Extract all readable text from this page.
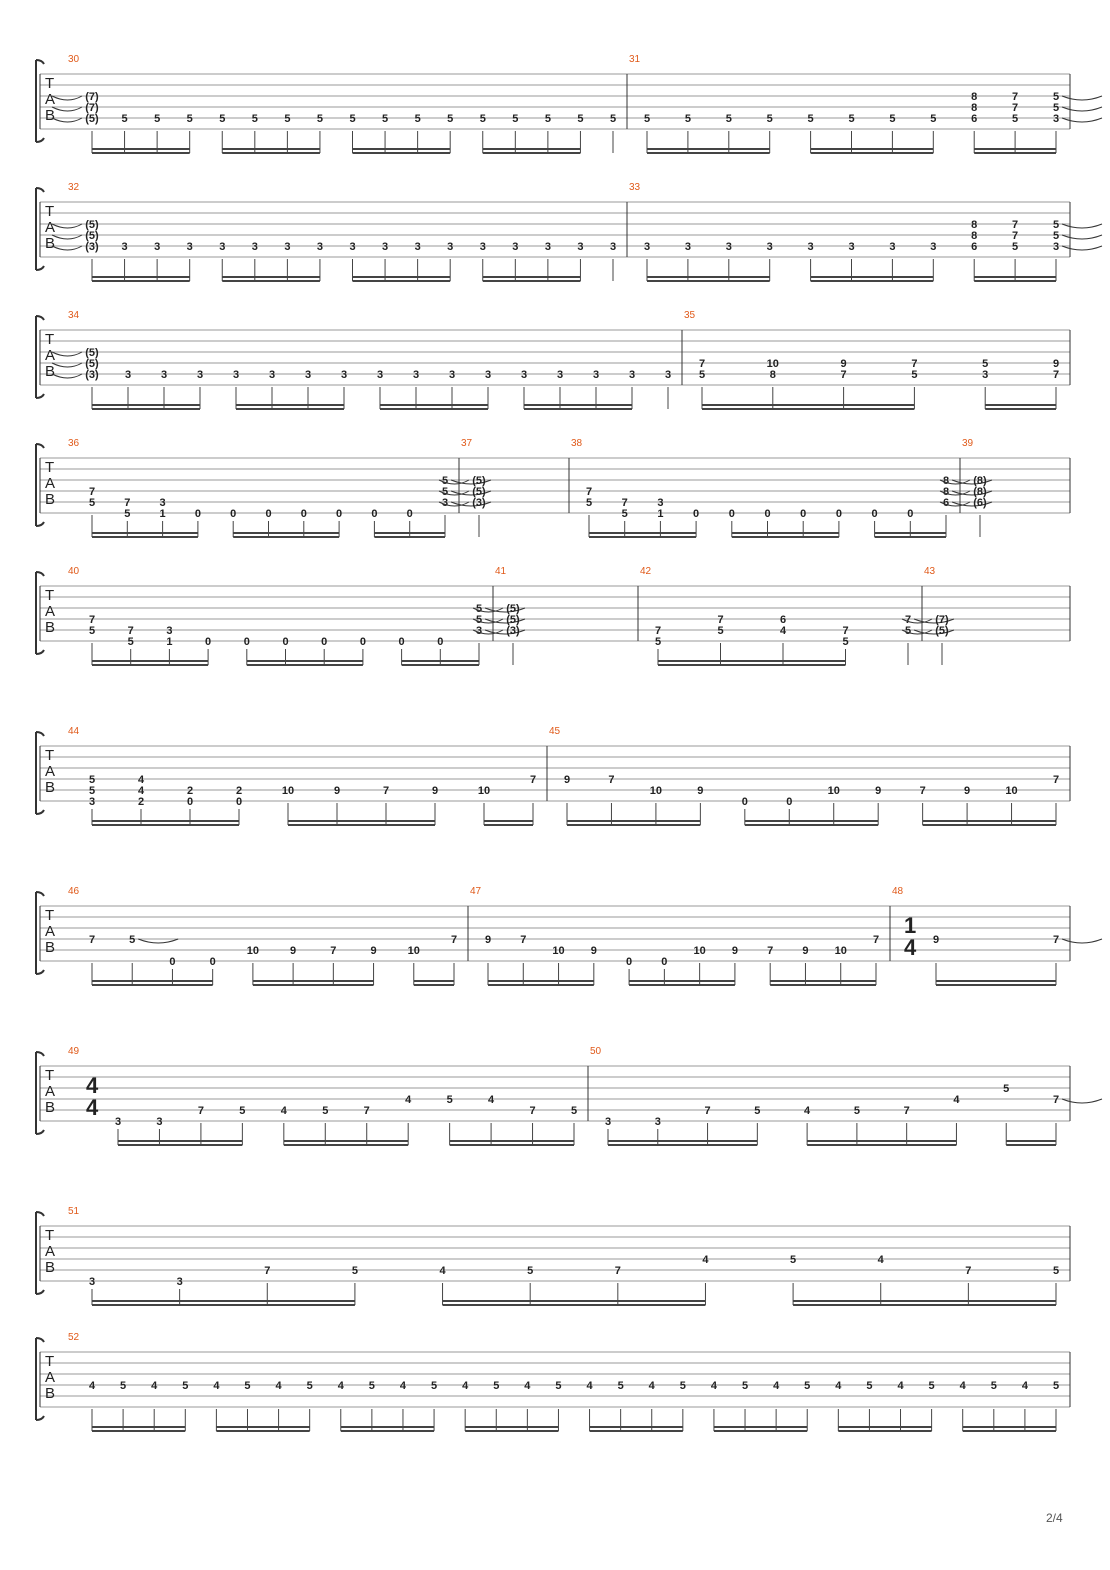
T
A
B
30
(7)
(7)
(5) 5 5 5 5 5 5 5 5 5 5 5 5 5 5 5 5
31
5	5	5	5	5	5	5	5
8
8
6
7
7
5
5
5
3
T
A
B
32
(5)
(5)
(3) 3 3 3 3 3 3 3 3 3 3 3 3 3 3 3 3
33
3	3	3	3	3	3	3	3
8
8
6
7
7
5
5
5
3
T
A
B
34
(5)
(5)
(3) 3	3	3	3	3	3	3	3	3	3	3	3	3	3	3	3
35
7
5
10
8
9
7
7
5
5
3
9
7
T
A
B
36
7
5	7
5
3
1	0	0	0	0	0	0	0
5
5
3
37
(5)
(5)
(3)
38
7
5	7
5
3
1	0	0	0	0	0	0	0
8
8
6
39
(8)
(8)
(6)
T
A
B
40
7
5	7
5
3
1	0	0	0	0	0	0	0
5
5
3
41
(5)
(5)
(3)
42
7
5
7
5
6
4	7
5
7
5
43
(7)
(5)
T
A
B
44
5
5
3
4
4
2
2
0
2
0
10	9	7	9	10
7
45
9	7
10	9
0	0
10	9	7	9	10
7
T
A
B
46
7	5
0	0
10	9	7	9	10
7
47
9	7
10 9
0	0
10 9	7	9 10
7
48
1
4 9	7
T
A
B
49
4
4
3	3
7	5	4	5	7
4	5	4
7	5
50
3	3
7	5	4	5	7
4
5
7
T
A
B
51
3	3
7	5	4	5	7
4	5	4
7	5
T
A
B
52
4 5 4 5 4 5 4 5 4 5 4 5 4 5 4 5 4 5 4 5 4 5 4 5 4 5 4 5 4 5 4 5
2/4
